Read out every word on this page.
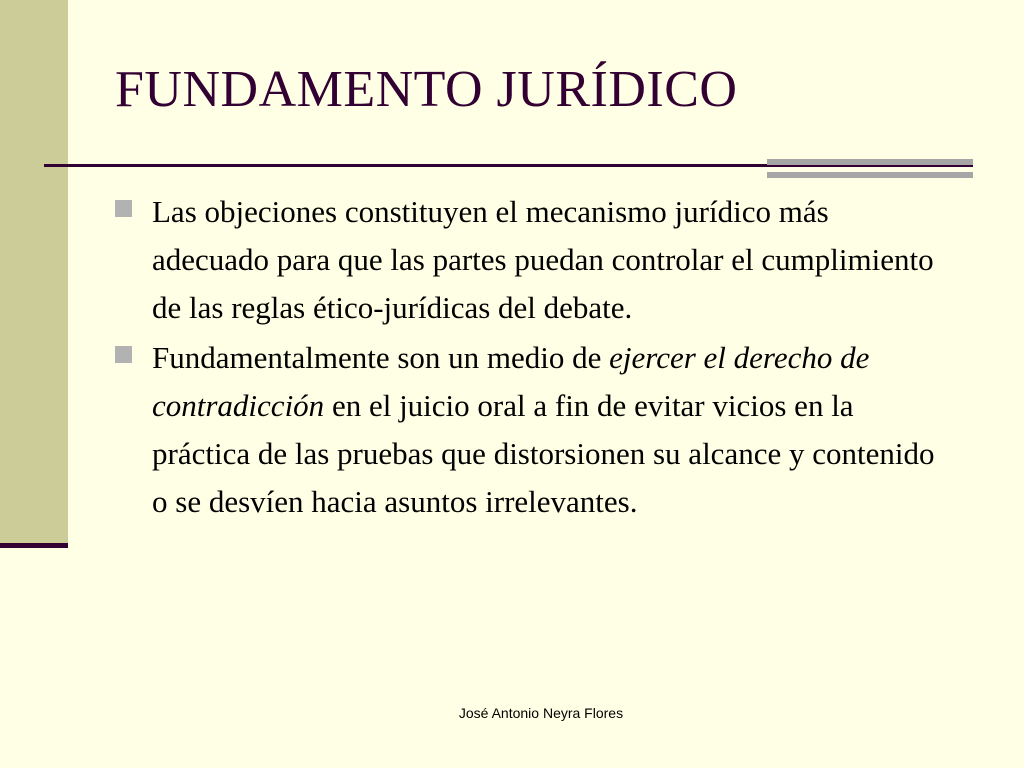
FUNDAMENTO JURÍDICO
Las objeciones constituyen el mecanismo jurídico más adecuado para que las partes puedan controlar el cumplimiento de las reglas ético-jurídicas del debate.
Fundamentalmente son un medio de ejercer el derecho de contradicción en el juicio oral a fin de evitar vicios en la práctica de las pruebas que distorsionen su alcance y contenido o se desvíen hacia asuntos irrelevantes.
José Antonio Neyra Flores
